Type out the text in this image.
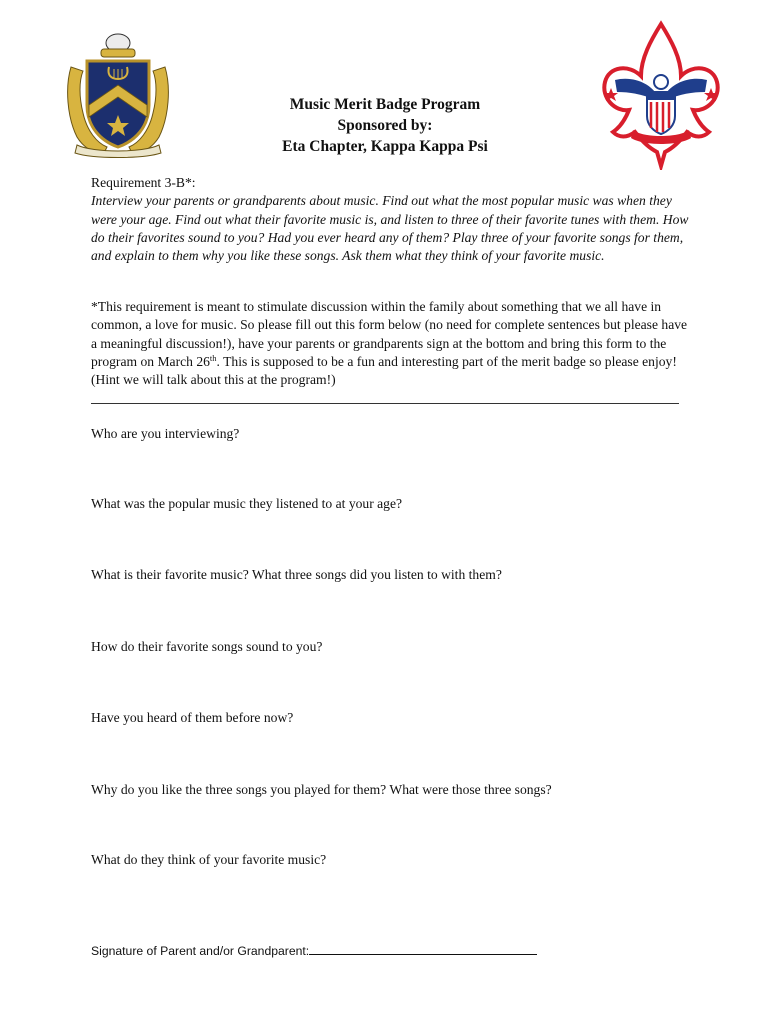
Music Merit Badge Program
Sponsored by:
Eta Chapter, Kappa Kappa Psi
Requirement 3-B*:
Interview your parents or grandparents about music. Find out what the most popular music was when they were your age. Find out what their favorite music is, and listen to three of their favorite tunes with them. How do their favorites sound to you? Had you ever heard any of them? Play three of your favorite songs for them, and explain to them why you like these songs. Ask them what they think of your favorite music.
*This requirement is meant to stimulate discussion within the family about something that we all have in common, a love for music. So please fill out this form below (no need for complete sentences but please have a meaningful discussion!), have your parents or grandparents sign at the bottom and bring this form to the program on March 26th. This is supposed to be a fun and interesting part of the merit badge so please enjoy! (Hint we will talk about this at the program!)
Who are you interviewing?
What was the popular music they listened to at your age?
What is their favorite music? What three songs did you listen to with them?
How do their favorite songs sound to you?
Have you heard of them before now?
Why do you like the three songs you played for them? What were those three songs?
What do they think of your favorite music?
Signature of Parent and/or Grandparent:
